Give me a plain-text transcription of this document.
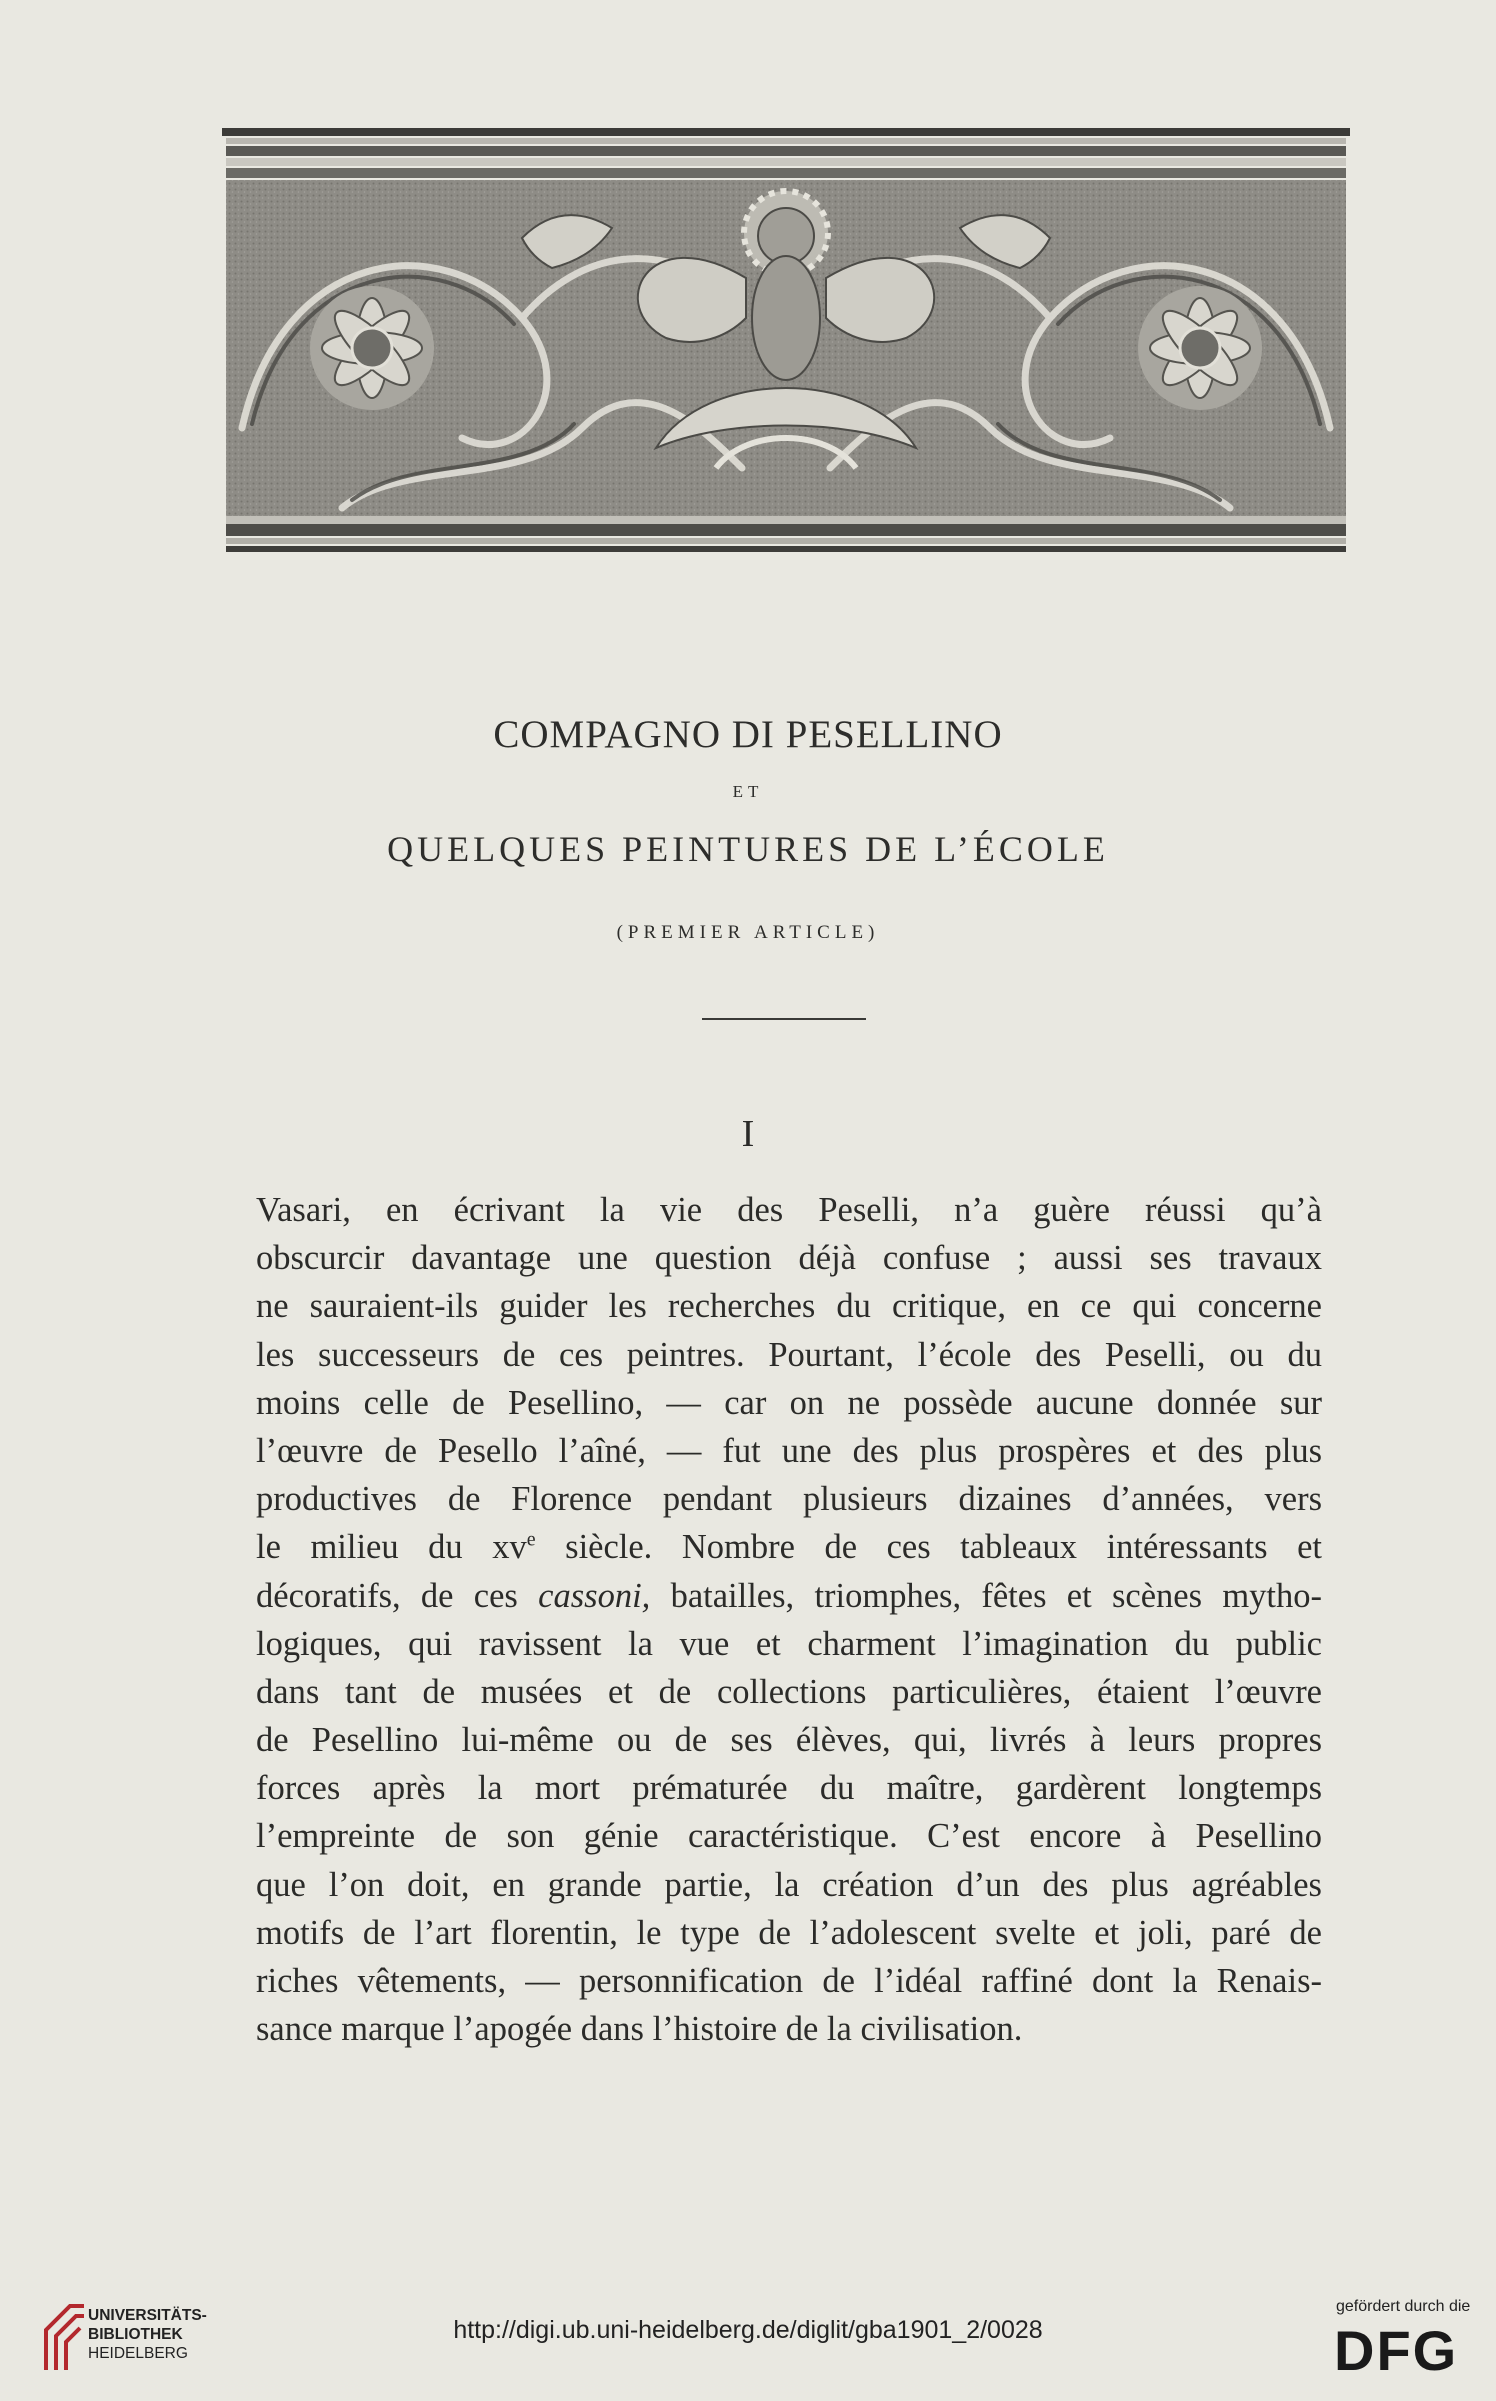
COMPAGNO DI PESELLINO
ET
QUELQUES PEINTURES DE L’ÉCOLE
(PREMIER ARTICLE)
I
Vasari, en écrivant la vie des Peselli, n’a guère réussi qu’à
obscurcir davantage une question déjà confuse ; aussi ses travaux
ne sauraient-ils guider les recherches du critique, en ce qui concerne
les successeurs de ces peintres. Pourtant, l’école des Peselli, ou du
moins celle de Pesellino, — car on ne possède aucune donnée sur
l’œuvre de Pesello l’aîné, — fut une des plus prospères et des plus
productives de Florence pendant plusieurs dizaines d’années, vers
le milieu du $xv^e$ siècle. Nombre de ces tableaux intéressants et
décoratifs, de ces cassoni, batailles, triomphes, fêtes et scènes mytho-
logiques, qui ravissent la vue et charment l’imagination du public
dans tant de musées et de collections particulières, étaient l’œuvre
de Pesellino lui-même ou de ses élèves, qui, livrés à leurs propres
forces après la mort prématurée du maître, gardèrent longtemps
l’empreinte de son génie caractéristique. C’est encore à Pesellino
que l’on doit, en grande partie, la création d’un des plus agréables
motifs de l’art florentin, le type de l’adolescent svelte et joli, paré de
riches vêtements, — personnification de l’idéal raffiné dont la Renais-
sance marque l’apogée dans l’histoire de la civilisation.
UNIVERSITÄTS-
BIBLIOTHEK
HEIDELBERG
http://digi.ub.uni-heidelberg.de/diglit/gba1901_2/0028
gefördert durch die
DFG
